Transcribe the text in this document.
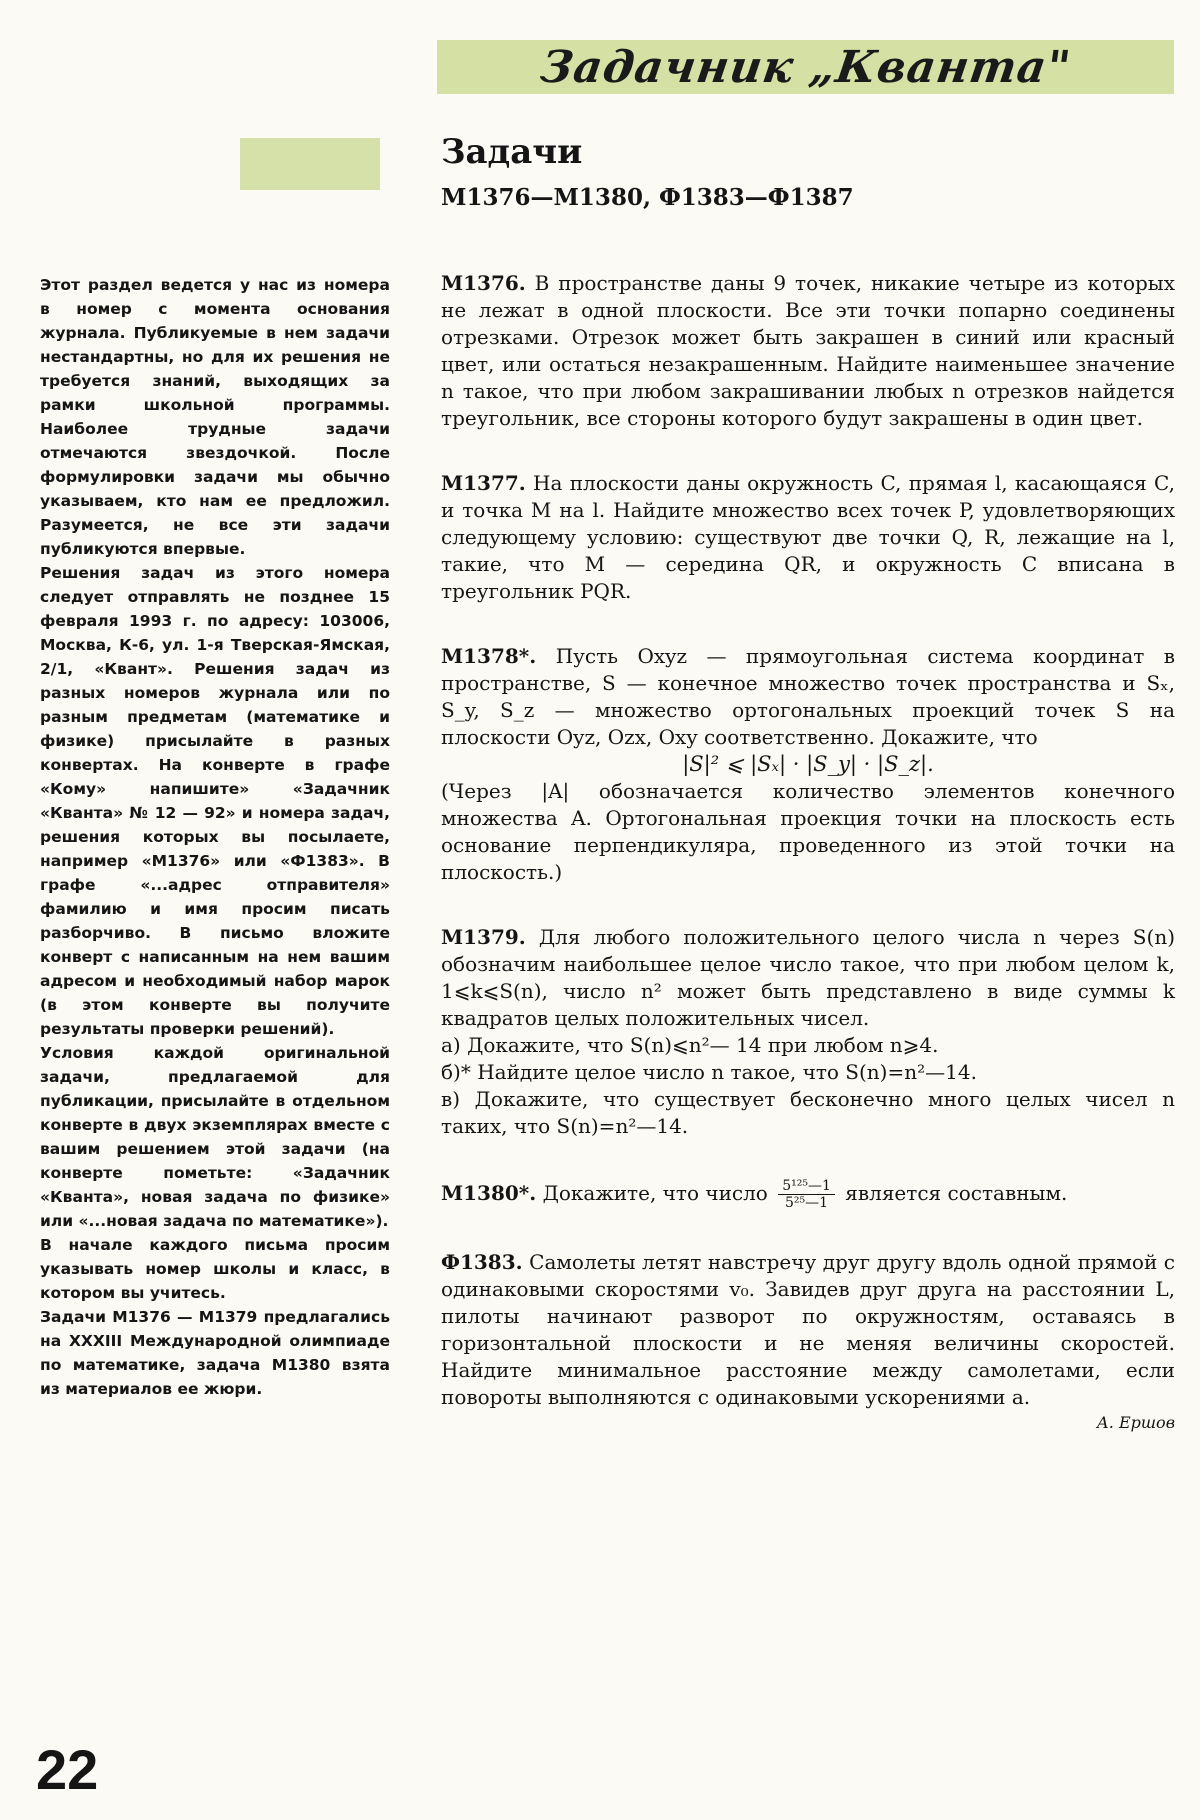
Задачник „Кванта"
Задачи
M1376—M1380, Ф1383—Ф1387

Этот раздел ведется у нас из номера в номер с момента основания журнала. Публикуемые в нем задачи нестандартны, но для их решения не требуется знаний, выходящих за рамки школьной программы. Наиболее трудные задачи отмечаются звездочкой. После формулировки задачи мы обычно указываем, кто нам ее предложил. Разумеется, не все эти задачи публикуются впервые.

Решения задач из этого номера следует отправлять не позднее 15 февраля 1993 г. по адресу: 103006, Москва, К-6, ул. 1-я Тверская-Ямская, 2/1, «Квант». Решения задач из разных номеров журнала или по разным предметам (математике и физике) присылайте в разных конвертах. На конверте в графе «Кому» напишите» «Задачник «Кванта» № 12 — 92» и номера задач, решения которых вы посылаете, например «M1376» или «Ф1383». В графе «...адрес отправителя» фамилию и имя просим писать разборчиво. В письмо вложите конверт с написанным на нем вашим адресом и необходимый набор марок (в этом конверте вы получите результаты проверки решений).

Условия каждой оригинальной задачи, предлагаемой для публикации, присылайте в отдельном конверте в двух экземплярах вместе с вашим решением этой задачи (на конверте пометьте: «Задачник «Кванта», новая задача по физике» или «...новая задача по математике»).

В начале каждого письма просим указывать номер школы и класс, в котором вы учитесь.

Задачи M1376 — M1379 предлагались на XXXIII Международной олимпиаде по математике, задача M1380 взята из материалов ее жюри.

M1376. В пространстве даны 9 точек, никакие четыре из которых не лежат в одной плоскости. Все эти точки попарно соединены отрезками. Отрезок может быть закрашен в синий или красный цвет, или остаться незакрашенным. Найдите наименьшее значение n такое, что при любом закрашивании любых n отрезков найдется треугольник, все стороны которого будут закрашены в один цвет.

M1377. На плоскости даны окружность C, прямая l, касающаяся C, и точка M на l. Найдите множество всех точек P, удовлетворяющих следующему условию: существуют две точки Q, R, лежащие на l, такие, что M — середина QR, и окружность C вписана в треугольник PQR.

M1378*. Пусть Oxyz — прямоугольная система координат в пространстве, S — конечное множество точек пространства и Sₓ, S_y, S_z — множество ортогональных проекций точек S на плоскости Oyz, Ozx, Oxy соответственно. Докажите, что

|S|² ⩽ |Sₓ| · |S_y| · |S_z|.

(Через |A| обозначается количество элементов конечного множества A. Ортогональная проекция точки на плоскость есть основание перпендикуляра, проведенного из этой точки на плоскость.)

M1379. Для любого положительного целого числа n через S(n) обозначим наибольшее целое число такое, что при любом целом k, 1⩽k⩽S(n), число n² может быть представлено в виде суммы k квадратов целых положительных чисел.

а) Докажите, что S(n)⩽n²— 14 при любом n⩾4.

б)* Найдите целое число n такое, что S(n)=n²—14.

в) Докажите, что существует бесконечно много целых чисел n таких, что S(n)=n²—14.

M1380*. Докажите, что число $\frac{\text{5¹²⁵—1}}{\text{5²⁵—1}}$ является составным.

Ф1383. Самолеты летят навстречу друг другу вдоль одной прямой с одинаковыми скоростями v₀. Завидев друг друга на расстоянии L, пилоты начинают разворот по окружностям, оставаясь в горизонтальной плоскости и не меняя величины скоростей. Найдите минимальное расстояние между самолетами, если повороты выполняются с одинаковыми ускорениями a.

А. Ершов

22
